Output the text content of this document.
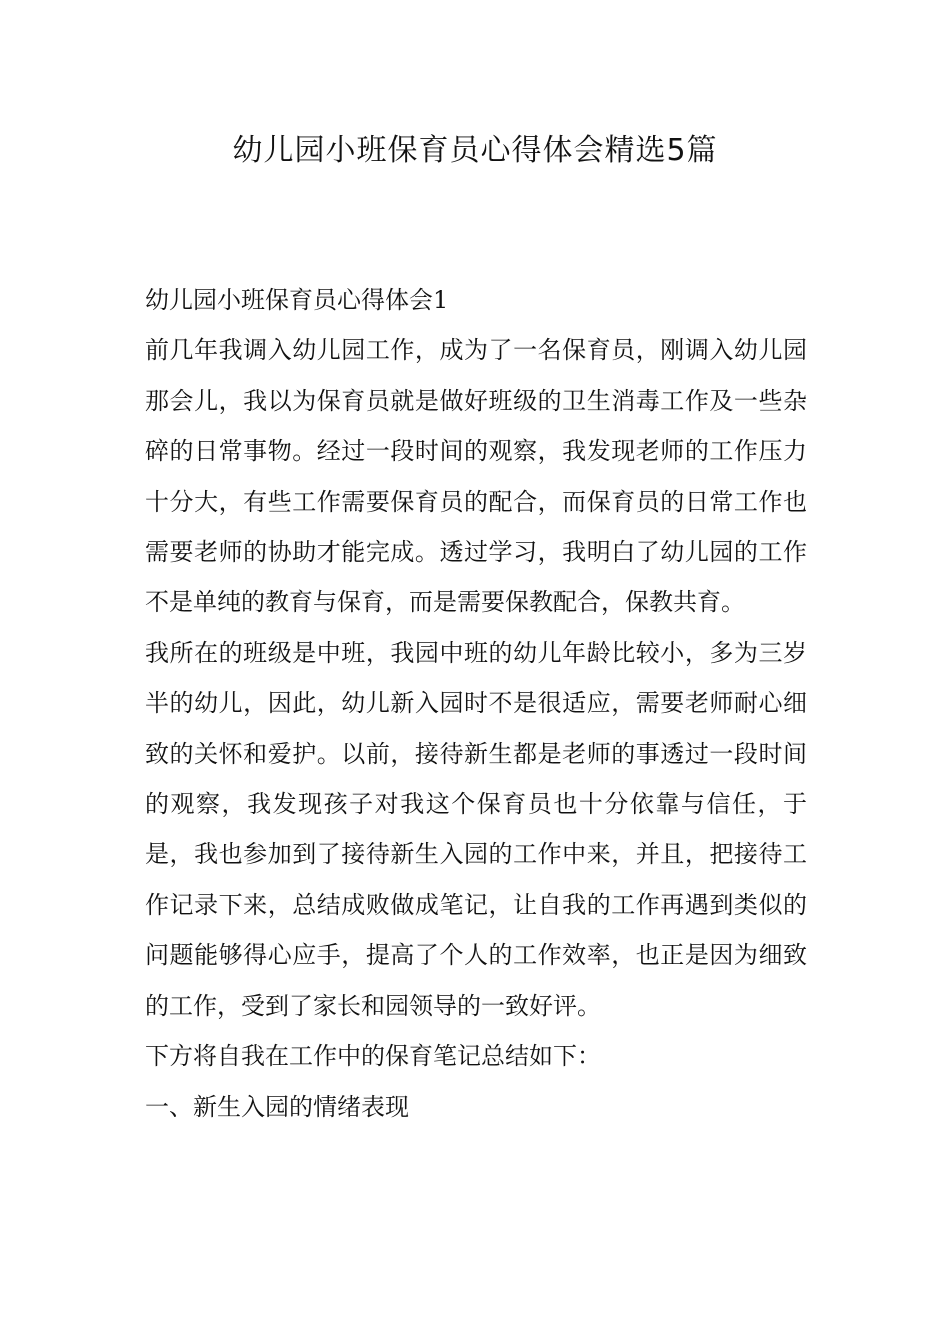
幼儿园小班保育员心得体会精选5篇

幼儿园小班保育员心得体会1

前几年我调入幼儿园工作，成为了一名保育员，刚调入幼儿园那会儿，我以为保育员就是做好班级的卫生消毒工作及一些杂碎的日常事物。经过一段时间的观察，我发现老师的工作压力十分大，有些工作需要保育员的配合，而保育员的日常工作也需要老师的协助才能完成。透过学习，我明白了幼儿园的工作不是单纯的教育与保育，而是需要保教配合，保教共育。

我所在的班级是中班，我园中班的幼儿年龄比较小，多为三岁半的幼儿，因此，幼儿新入园时不是很适应，需要老师耐心细致的关怀和爱护。以前，接待新生都是老师的事透过一段时间的观察，我发现孩子对我这个保育员也十分依靠与信任，于是，我也参加到了接待新生入园的工作中来，并且，把接待工作记录下来，总结成败做成笔记，让自我的工作再遇到类似的问题能够得心应手，提高了个人的工作效率，也正是因为细致的工作，受到了家长和园领导的一致好评。

下方将自我在工作中的保育笔记总结如下：

一、新生入园的情绪表现
